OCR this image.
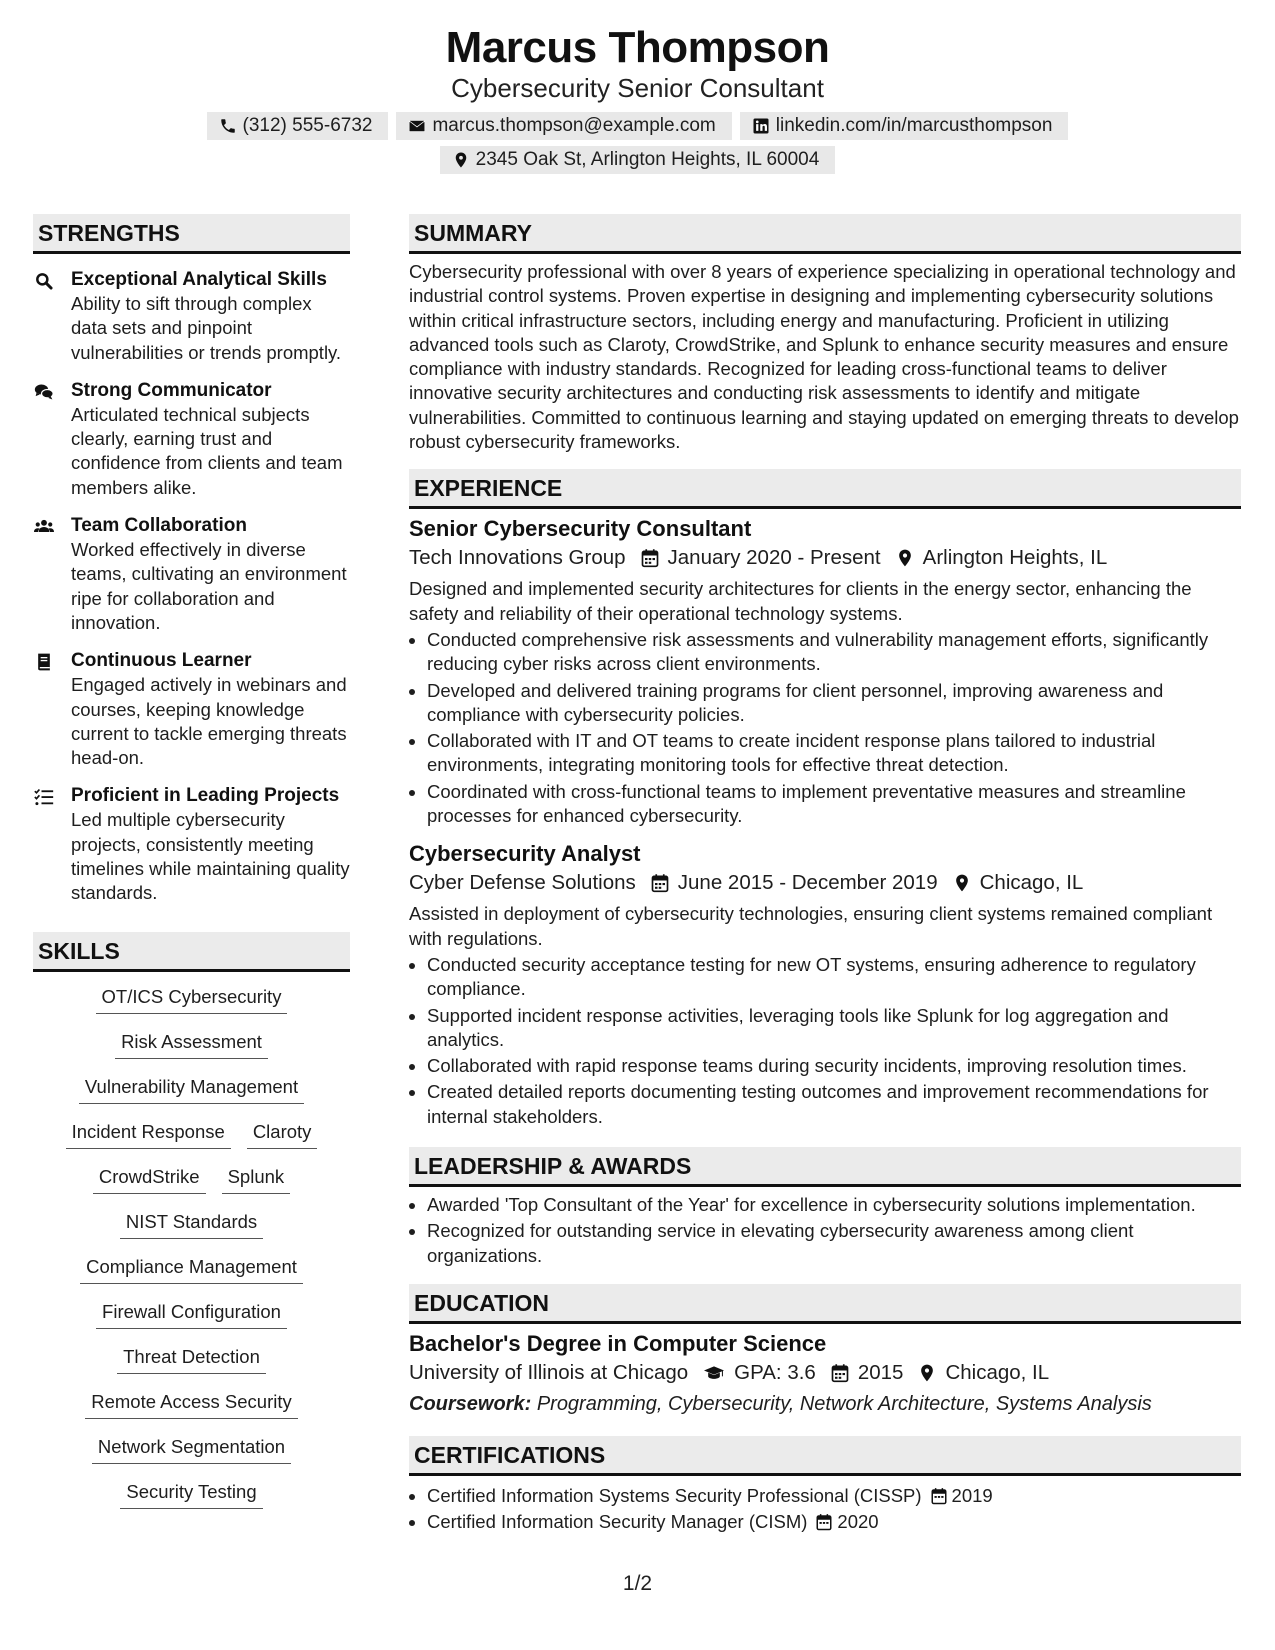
Marcus Thompson
Cybersecurity Senior Consultant
(312) 555-6732	marcus.thompson@example.com	linkedin.com/in/marcusthompson
2345 Oak St, Arlington Heights, IL 60004
STRENGTHS
Exceptional Analytical Skills
Ability to sift through complex data sets and pinpoint vulnerabilities or trends promptly.
Strong Communicator
Articulated technical subjects clearly, earning trust and confidence from clients and team members alike.
Team Collaboration
Worked effectively in diverse teams, cultivating an environment ripe for collaboration and innovation.
Continuous Learner
Engaged actively in webinars and courses, keeping knowledge current to tackle emerging threats head-on.
Proficient in Leading Projects
Led multiple cybersecurity projects, consistently meeting timelines while maintaining quality standards.
SKILLS
OT/ICS Cybersecurity
Risk Assessment
Vulnerability Management
Incident Response	Claroty
CrowdStrike	Splunk
NIST Standards
Compliance Management
Firewall Configuration
Threat Detection
Remote Access Security
Network Segmentation
Security Testing
SUMMARY
Cybersecurity professional with over 8 years of experience specializing in operational technology and industrial control systems. Proven expertise in designing and implementing cybersecurity solutions within critical infrastructure sectors, including energy and manufacturing. Proficient in utilizing advanced tools such as Claroty, CrowdStrike, and Splunk to enhance security measures and ensure compliance with industry standards. Recognized for leading cross-functional teams to deliver innovative security architectures and conducting risk assessments to identify and mitigate vulnerabilities. Committed to continuous learning and staying updated on emerging threats to develop robust cybersecurity frameworks.
EXPERIENCE
Senior Cybersecurity Consultant
Tech Innovations Group January 2020 - Present Arlington Heights, IL
Designed and implemented security architectures for clients in the energy sector, enhancing the safety and reliability of their operational technology systems.
• Conducted comprehensive risk assessments and vulnerability management efforts, significantly reducing cyber risks across client environments.
• Developed and delivered training programs for client personnel, improving awareness and compliance with cybersecurity policies.
• Collaborated with IT and OT teams to create incident response plans tailored to industrial environments, integrating monitoring tools for effective threat detection.
• Coordinated with cross-functional teams to implement preventative measures and streamline processes for enhanced cybersecurity.
Cybersecurity Analyst
Cyber Defense Solutions June 2015 - December 2019 Chicago, IL
Assisted in deployment of cybersecurity technologies, ensuring client systems remained compliant with regulations.
• Conducted security acceptance testing for new OT systems, ensuring adherence to regulatory compliance.
• Supported incident response activities, leveraging tools like Splunk for log aggregation and analytics.
• Collaborated with rapid response teams during security incidents, improving resolution times.
• Created detailed reports documenting testing outcomes and improvement recommendations for internal stakeholders.
LEADERSHIP & AWARDS
• Awarded 'Top Consultant of the Year' for excellence in cybersecurity solutions implementation.
• Recognized for outstanding service in elevating cybersecurity awareness among client organizations.
EDUCATION
Bachelor's Degree in Computer Science
University of Illinois at Chicago GPA: 3.6 2015 Chicago, IL
Coursework: Programming, Cybersecurity, Network Architecture, Systems Analysis
CERTIFICATIONS
• Certified Information Systems Security Professional (CISSP) 2019
• Certified Information Security Manager (CISM) 2020
1/2
